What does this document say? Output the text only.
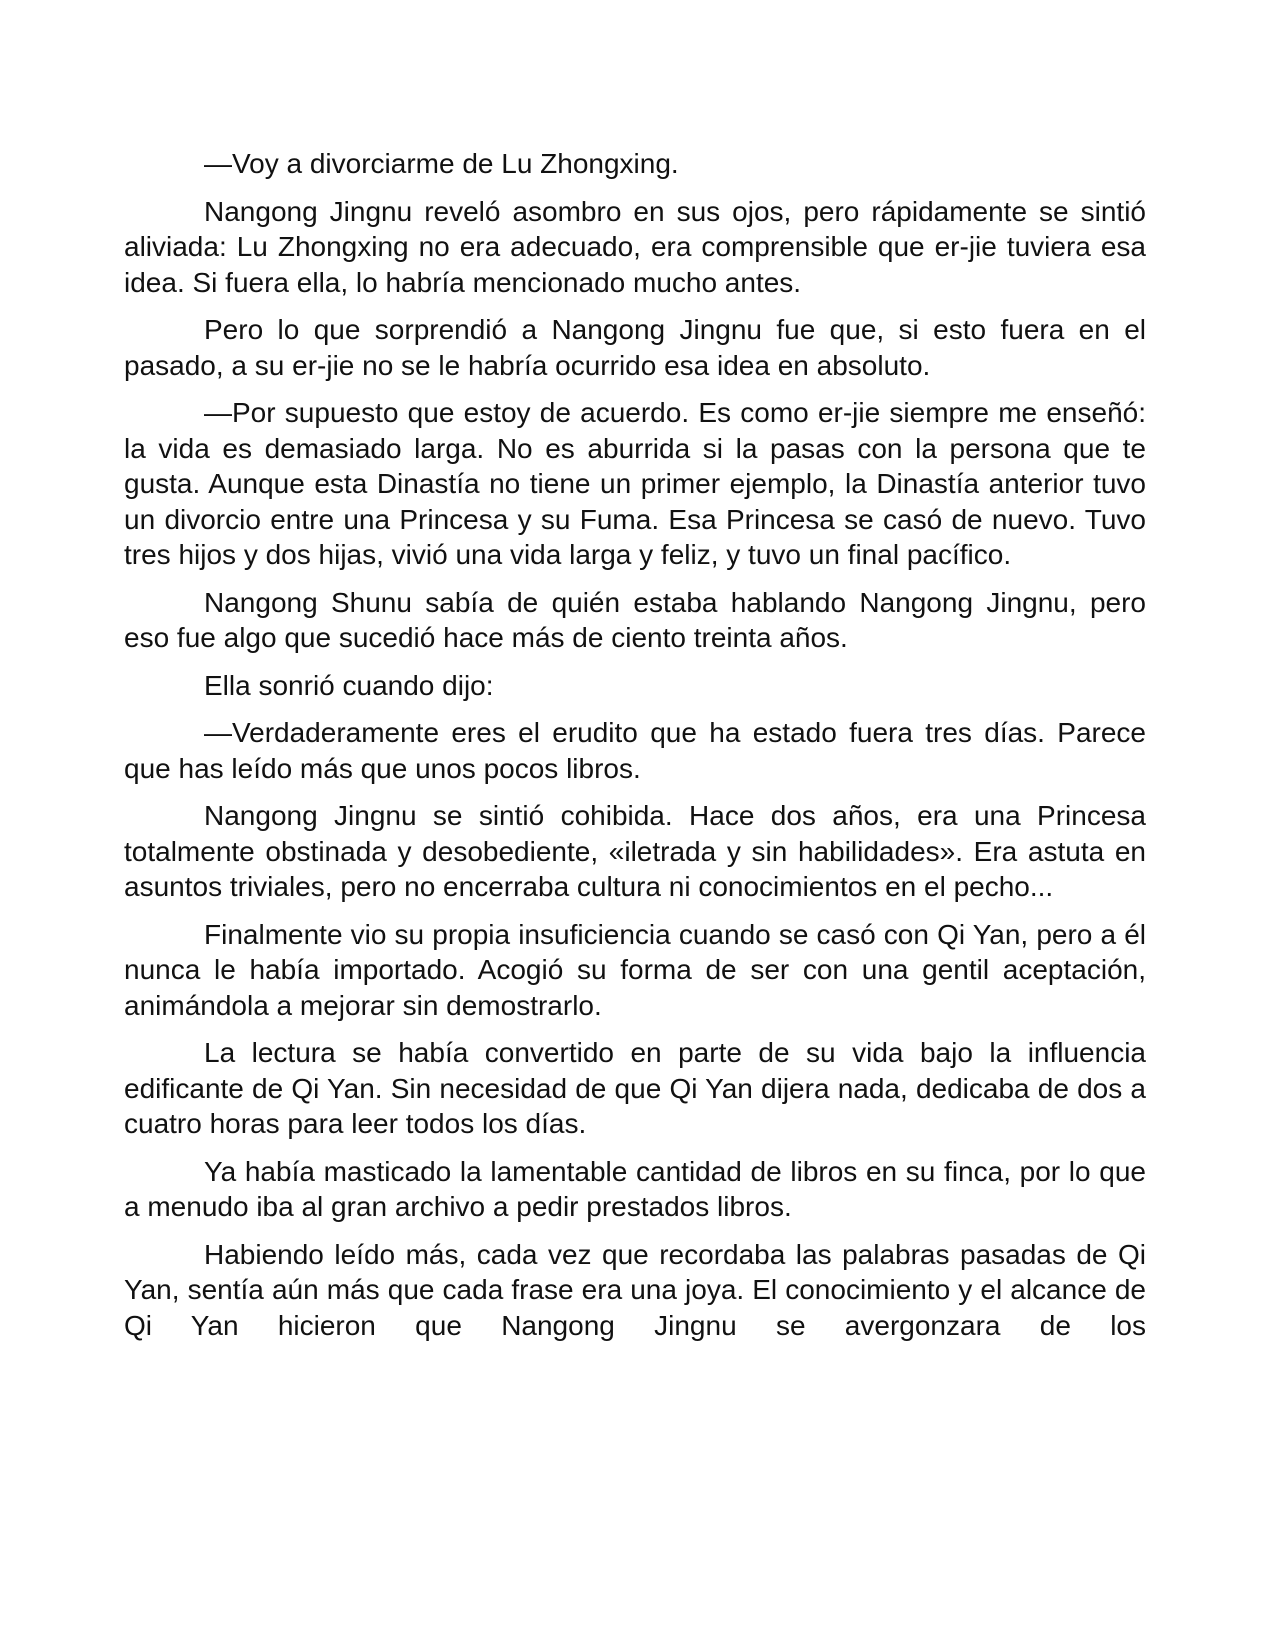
—Voy a divorciarme de Lu Zhongxing.

Nangong Jingnu reveló asombro en sus ojos, pero rápidamente se sintió aliviada: Lu Zhongxing no era adecuado, era comprensible que er-jie tuviera esa idea. Si fuera ella, lo habría mencionado mucho antes.

Pero lo que sorprendió a Nangong Jingnu fue que, si esto fuera en el pasado, a su er-jie no se le habría ocurrido esa idea en absoluto.

—Por supuesto que estoy de acuerdo. Es como er-jie siempre me enseñó: la vida es demasiado larga. No es aburrida si la pasas con la persona que te gusta. Aunque esta Dinastía no tiene un primer ejemplo, la Dinastía anterior tuvo un divorcio entre una Princesa y su Fuma. Esa Princesa se casó de nuevo. Tuvo tres hijos y dos hijas, vivió una vida larga y feliz, y tuvo un final pacífico.

Nangong Shunu sabía de quién estaba hablando Nangong Jingnu, pero eso fue algo que sucedió hace más de ciento treinta años.

Ella sonrió cuando dijo:

—Verdaderamente eres el erudito que ha estado fuera tres días. Parece que has leído más que unos pocos libros.

Nangong Jingnu se sintió cohibida. Hace dos años, era una Princesa totalmente obstinada y desobediente, «iletrada y sin habilidades». Era astuta en asuntos triviales, pero no encerraba cultura ni conocimientos en el pecho...

Finalmente vio su propia insuficiencia cuando se casó con Qi Yan, pero a él nunca le había importado. Acogió su forma de ser con una gentil aceptación, animándola a mejorar sin demostrarlo.

La lectura se había convertido en parte de su vida bajo la influencia edificante de Qi Yan. Sin necesidad de que Qi Yan dijera nada, dedicaba de dos a cuatro horas para leer todos los días.

Ya había masticado la lamentable cantidad de libros en su finca, por lo que a menudo iba al gran archivo a pedir prestados libros.

Habiendo leído más, cada vez que recordaba las palabras pasadas de Qi Yan, sentía aún más que cada frase era una joya. El conocimiento y el alcance de Qi Yan hicieron que Nangong Jingnu se avergonzara de los
